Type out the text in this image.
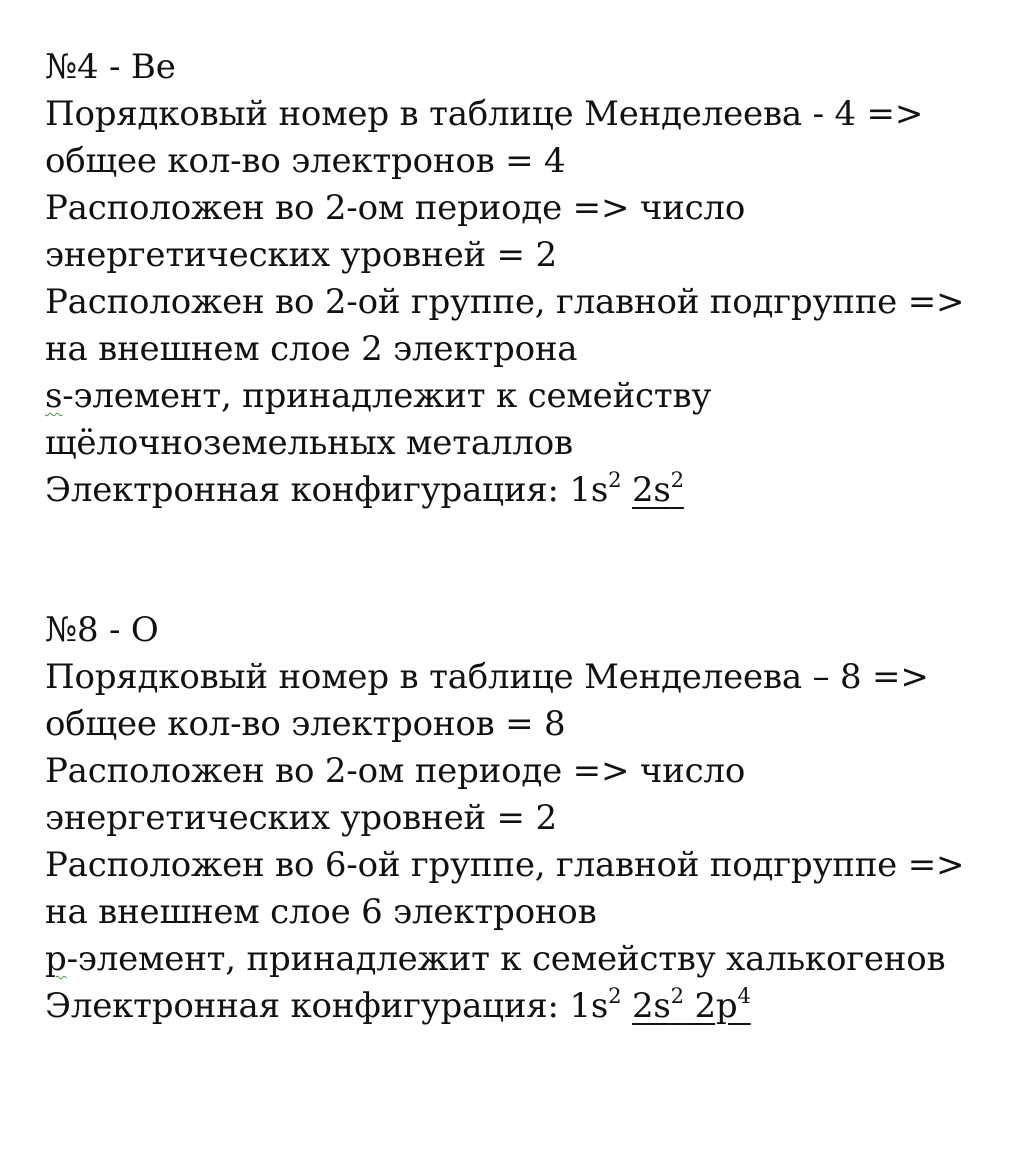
№4 - Be
Порядковый номер в таблице Менделеева - 4 =>
общее кол-во электронов = 4
Расположен во 2-ом периоде => число
энергетических уровней = 2
Расположен во 2-ой группе, главной подгруппе =>
на внешнем слое 2 электрона
s-элемент, принадлежит к семейству
щёлочноземельных металлов
Электронная конфигурация: $1s^2$ $2s^2$
№8 - O
Порядковый номер в таблице Менделеева – 8 =>
общее кол-во электронов = 8
Расположен во 2-ом периоде => число
энергетических уровней = 2
Расположен во 6-ой группе, главной подгруппе =>
на внешнем слое 6 электронов
p-элемент, принадлежит к семейству халькогенов
Электронная конфигурация: $1s^2$ $2s^2$ $2p^4$
